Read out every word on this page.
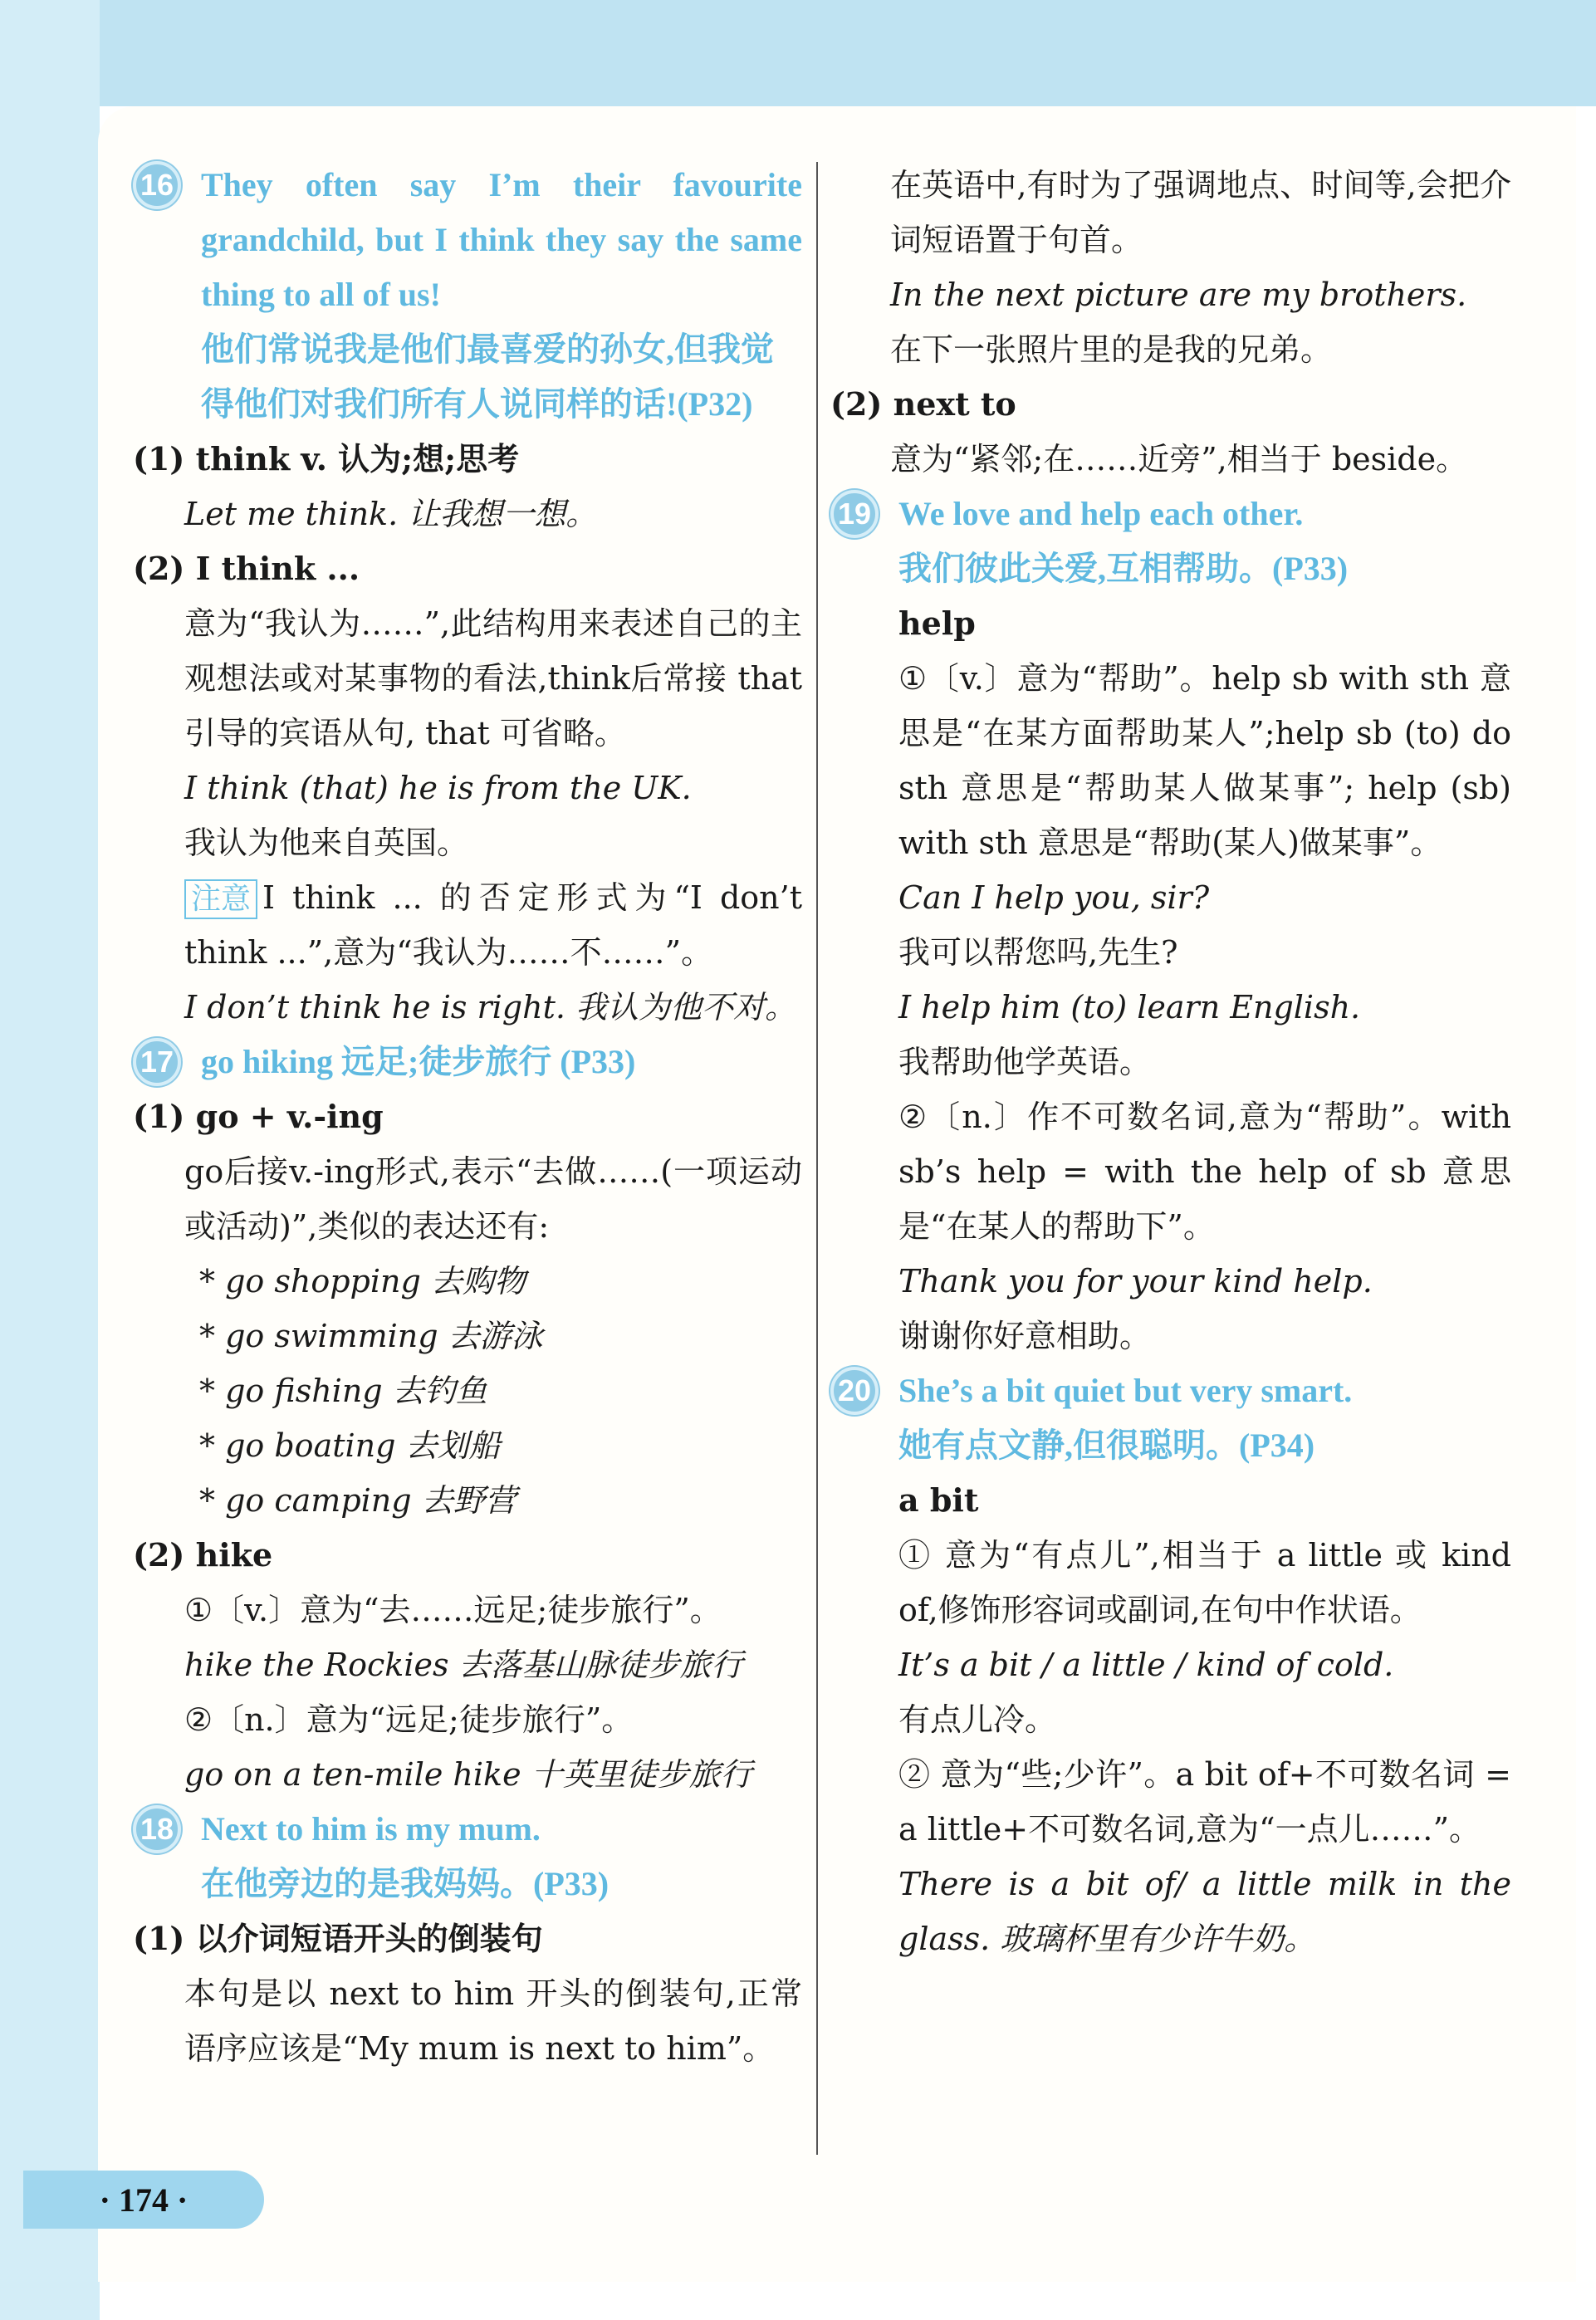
16 They often say I’m their favourite grandchild, but I think they say the same thing to all of us!

他们常说我是他们最喜爱的孙女,但我觉得他们对我们所有人说同样的话!(P32)

(1) think v. 认为;想;思考

Let me think. 让我想一想。

(2) I think ...

意为“我认为……”,此结构用来表述自己的主观想法或对某事物的看法,think后常接 that 引导的宾语从句, that 可省略。

I think (that) he is from the UK.

我认为他来自英国。

注意 I think ... 的否定形式为“I don’t think ...”,意为“我认为……不……”。

I don’t think he is right. 我认为他不对。

17 go hiking 远足;徒步旅行 (P33)

(1) go + v.-ing

go后接v.-ing形式,表示“去做……(一项运动或活动)”,类似的表达还有:

* go shopping 去购物

* go swimming 去游泳

* go fishing 去钓鱼

* go boating 去划船

* go camping 去野营

(2) hike

①〔v.〕意为“去……远足;徒步旅行”。

hike the Rockies 去落基山脉徒步旅行

②〔n.〕意为“远足;徒步旅行”。

go on a ten-mile hike 十英里徒步旅行

18 Next to him is my mum.

在他旁边的是我妈妈。(P33)

(1) 以介词短语开头的倒装句

本句是以 next to him 开头的倒装句,正常语序应该是“My mum is next to him”。

在英语中,有时为了强调地点、时间等,会把介词短语置于句首。

In the next picture are my brothers.

在下一张照片里的是我的兄弟。

(2) next to

意为“紧邻;在……近旁”,相当于 beside。

19 We love and help each other.

我们彼此关爱,互相帮助。(P33)

help

①〔v.〕意为“帮助”。help sb with sth 意思是“在某方面帮助某人”;help sb (to) do sth 意思是“帮助某人做某事”; help (sb) with sth 意思是“帮助(某人)做某事”。

Can I help you, sir?

我可以帮您吗,先生?

I help him (to) learn English.

我帮助他学英语。

②〔n.〕作不可数名词,意为“帮助”。with sb’s help = with the help of sb 意思是“在某人的帮助下”。

Thank you for your kind help.

谢谢你好意相助。

20 She’s a bit quiet but very smart.

她有点文静,但很聪明。(P34)

a bit

① 意为“有点儿”,相当于 a little 或 kind of,修饰形容词或副词,在句中作状语。

It’s a bit / a little / kind of cold.

有点儿冷。

② 意为“些;少许”。a bit of+不可数名词 = a little+不可数名词,意为“一点儿……”。

There is a bit of/ a little milk in the glass. 玻璃杯里有少许牛奶。

· 174 ·
